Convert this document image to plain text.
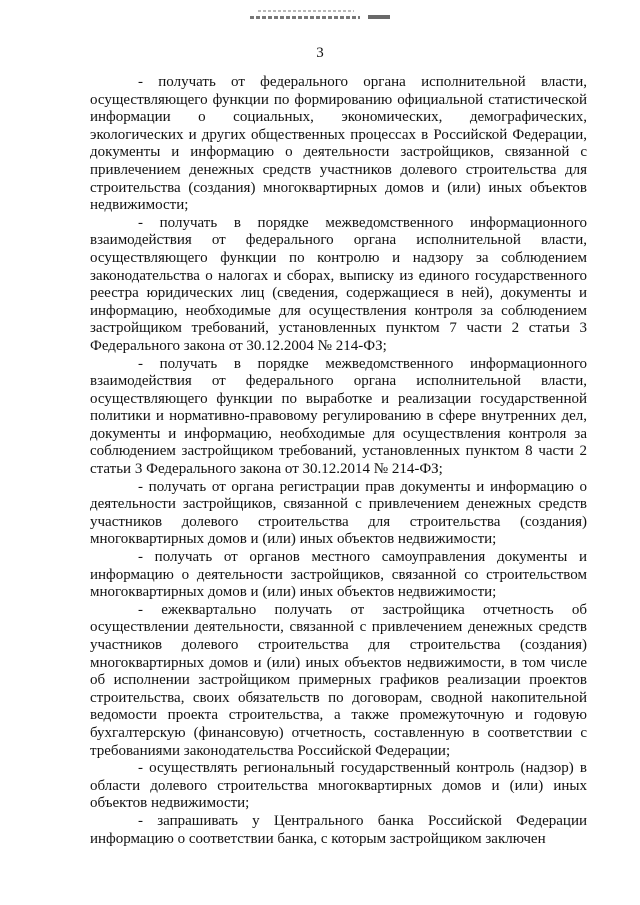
3

- получать от федерального органа исполнительной власти, осуществляющего функции по формированию официальной статистической информации о социальных, экономических, демографических, экологических и других общественных процессах в Российской Федерации, документы и информацию о деятельности застройщиков, связанной с привлечением денежных средств участников долевого строительства для строительства (создания) многоквартирных домов и (или) иных объектов недвижимости;

- получать в порядке межведомственного информационного взаимодействия от федерального органа исполнительной власти, осуществляющего функции по контролю и надзору за соблюдением законодательства о налогах и сборах, выписку из единого государственного реестра юридических лиц (сведения, содержащиеся в ней), документы и информацию, необходимые для осуществления контроля за соблюдением застройщиком требований, установленных пунктом 7 части 2 статьи 3 Федерального закона от 30.12.2004 № 214-ФЗ;

- получать в порядке межведомственного информационного взаимодействия от федерального органа исполнительной власти, осуществляющего функции по выработке и реализации государственной политики и нормативно-правовому регулированию в сфере внутренних дел, документы и информацию, необходимые для осуществления контроля за соблюдением застройщиком требований, установленных пунктом 8 части 2 статьи 3 Федерального закона от 30.12.2014 № 214-ФЗ;

- получать от органа регистрации прав документы и информацию о деятельности застройщиков, связанной с привлечением денежных средств участников долевого строительства для строительства (создания) многоквартирных домов и (или) иных объектов недвижимости;

- получать от органов местного самоуправления документы и информацию о деятельности застройщиков, связанной со строительством многоквартирных домов и (или) иных объектов недвижимости;

- ежеквартально получать от застройщика отчетность об осуществлении деятельности, связанной с привлечением денежных средств участников долевого строительства для строительства (создания) многоквартирных домов и (или) иных объектов недвижимости, в том числе об исполнении застройщиком примерных графиков реализации проектов строительства, своих обязательств по договорам, сводной накопительной ведомости проекта строительства, а также промежуточную и годовую бухгалтерскую (финансовую) отчетность, составленную в соответствии с требованиями законодательства Российской Федерации;

- осуществлять региональный государственный контроль (надзор) в области долевого строительства многоквартирных домов и (или) иных объектов недвижимости;

- запрашивать у Центрального банка Российской Федерации информацию о соответствии банка, с которым застройщиком заключен
